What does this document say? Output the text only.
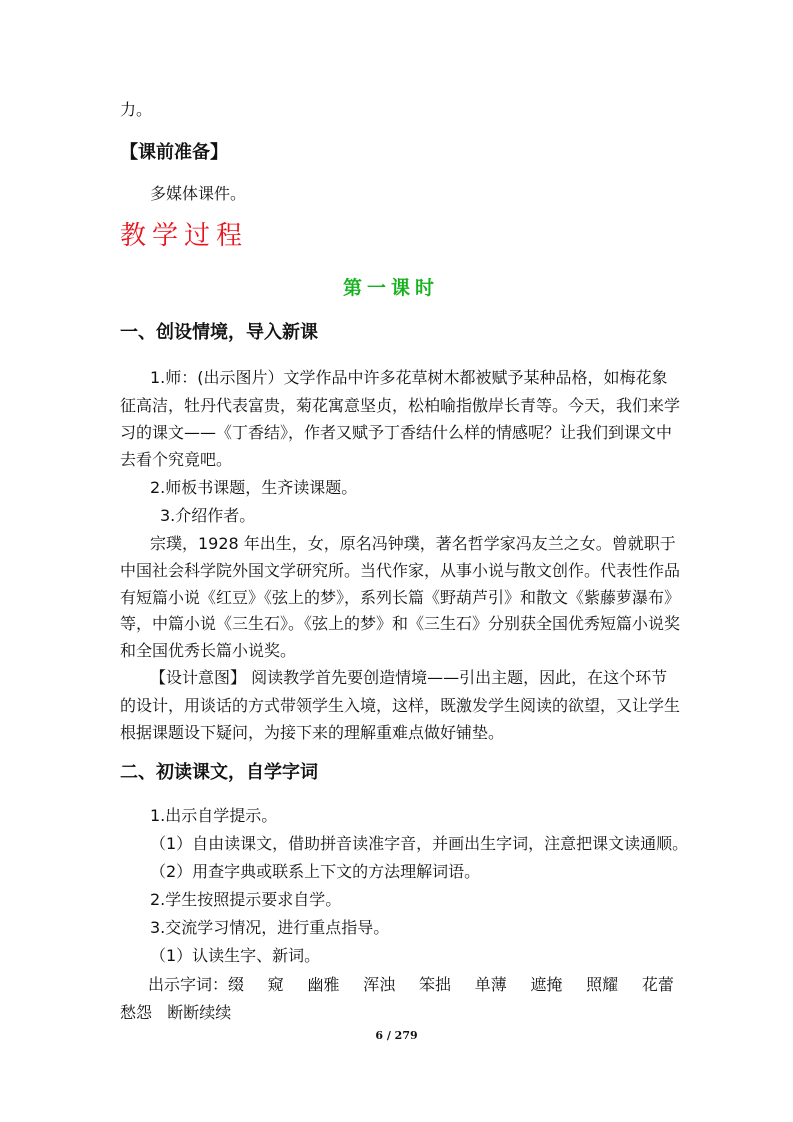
力。
【课前准备】
多媒体课件。
教学过程
第一课时
一、创设情境，导入新课
1.师：(出示图片）文学作品中许多花草树木都被赋予某种品格，如梅花象
征高洁，牡丹代表富贵，菊花寓意坚贞，松柏喻指傲岸长青等。今天，我们来学
习的课文——《丁香结》，作者又赋予丁香结什么样的情感呢？让我们到课文中
去看个究竟吧。
2.师板书课题，生齐读课题。
3.介绍作者。
宗璞，1928 年出生，女，原名冯钟璞，著名哲学家冯友兰之女。曾就职于
中国社会科学院外国文学研究所。当代作家，从事小说与散文创作。代表性作品
有短篇小说《红豆》《弦上的梦》，系列长篇《野葫芦引》和散文《紫藤萝瀑布》
等，中篇小说《三生石》。《弦上的梦》和《三生石》分别获全国优秀短篇小说奖
和全国优秀长篇小说奖。
【设计意图】 阅读教学首先要创造情境——引出主题，因此，在这个环节
的设计，用谈话的方式带领学生入境，这样，既激发学生阅读的欲望，又让学生
根据课题设下疑问，为接下来的理解重难点做好铺垫。
二、初读课文，自学字词
1.出示自学提示。
（1）自由读课文，借助拼音读准字音，并画出生字词，注意把课文读通顺。
（2）用查字典或联系上下文的方法理解词语。
2.学生按照提示要求自学。
3.交流学习情况，进行重点指导。
（1）认读生字、新词。
出示字词：缀 窥 幽雅 浑浊 笨拙 单薄 遮掩 照耀 花蕾
愁怨   断断续续
6 / 279
